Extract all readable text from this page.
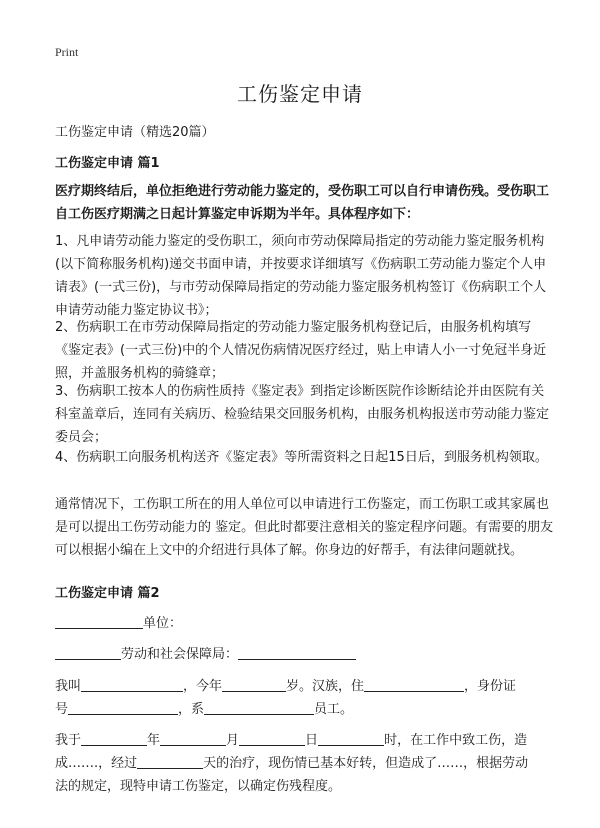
Print
工伤鉴定申请
工伤鉴定申请（精选20篇）
工伤鉴定申请 篇1
医疗期终结后，单位拒绝进行劳动能力鉴定的，受伤职工可以自行申请伤残。受伤职工自工伤医疗期满之日起计算鉴定申诉期为半年。具体程序如下：
1、凡申请劳动能力鉴定的受伤职工，须向市劳动保障局指定的劳动能力鉴定服务机构(以下简称服务机构)递交书面申请，并按要求详细填写《伤病职工劳动能力鉴定个人申请表》(一式三份)，与市劳动保障局指定的劳动能力鉴定服务机构签订《伤病职工个人申请劳动能力鉴定协议书》；
2、伤病职工在市劳动保障局指定的劳动能力鉴定服务机构登记后，由服务机构填写《鉴定表》(一式三份)中的个人情况伤病情况医疗经过，贴上申请人小一寸免冠半身近照，并盖服务机构的骑缝章；
3、伤病职工按本人的伤病性质持《鉴定表》到指定诊断医院作诊断结论并由医院有关科室盖章后，连同有关病历、检验结果交回服务机构，由服务机构报送市劳动能力鉴定委员会；
4、伤病职工向服务机构送齐《鉴定表》等所需资料之日起15日后，到服务机构领取。
通常情况下，工伤职工所在的用人单位可以申请进行工伤鉴定，而工伤职工或其家属也是可以提出工伤劳动能力的 鉴定。但此时都要注意相关的鉴定程序问题。有需要的朋友可以根据小编在上文中的介绍进行具体了解。你身边的好帮手，有法律问题就找。
工伤鉴定申请 篇2
单位：
劳动和社会保障局：
我叫	，今年	岁。汉族，住	，身份证
号	，系	员工。
我于	年	月	日	时，在工作中致工伤，造
成…….，经过	天的治疗，现伤情已基本好转，但造成了……，根据劳动
法的规定，现特申请工伤鉴定，以确定伤残程度。
